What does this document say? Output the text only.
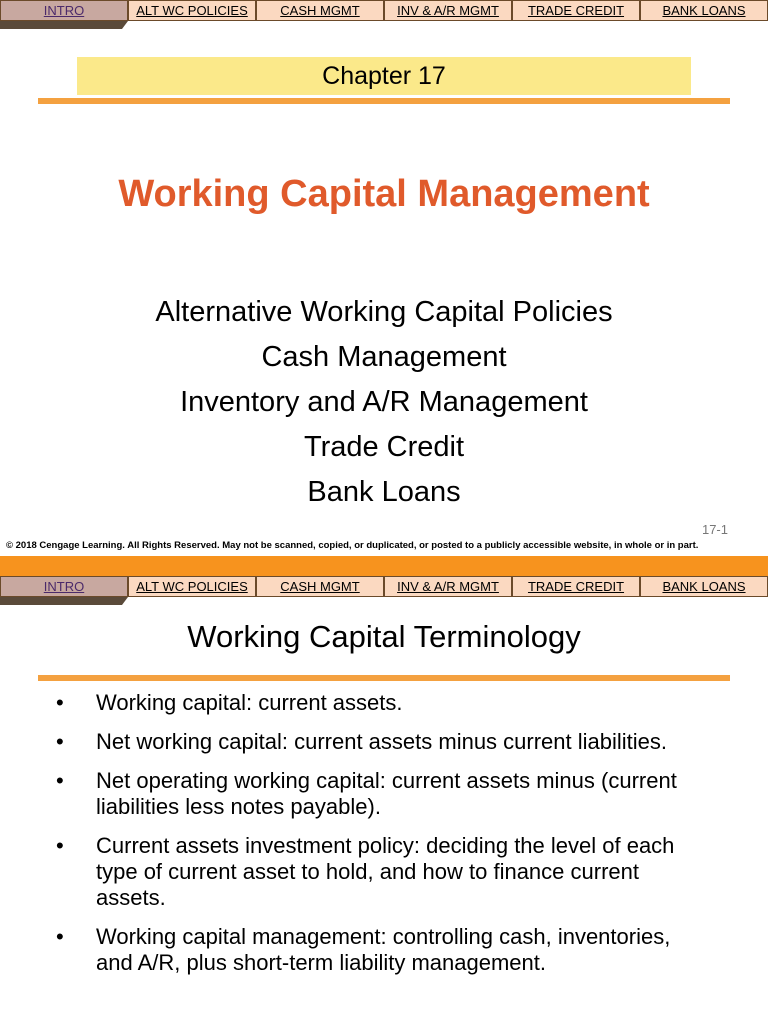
INTRO	ALT WC POLICIES	CASH MGMT	INV & A/R MGMT	TRADE CREDIT	BANK LOANS
Chapter 17
Working Capital Management
Alternative Working Capital Policies
Cash Management
Inventory and A/R Management
Trade Credit
Bank Loans
17-1
© 2018 Cengage Learning. All Rights Reserved. May not be scanned, copied, or duplicated, or posted to a publicly accessible website, in whole or in part.
INTRO	ALT WC POLICIES	CASH MGMT	INV & A/R MGMT	TRADE CREDIT	BANK LOANS
Working Capital Terminology
•	Working capital: current assets.
•	Net working capital: current assets minus current liabilities.
•	Net operating working capital: current assets minus (current liabilities less notes payable).
•	Current assets investment policy: deciding the level of each type of current asset to hold, and how to finance current assets.
•	Working capital management: controlling cash, inventories, and A/R, plus short-term liability management.
